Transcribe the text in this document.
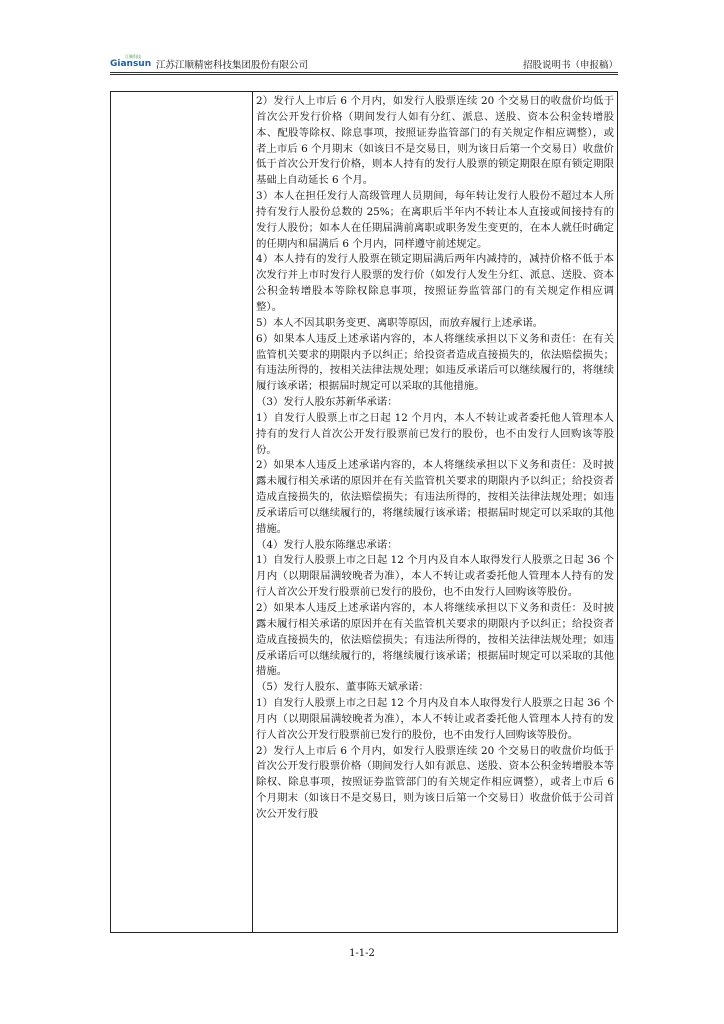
江顺科技
Giansun 江苏江顺精密科技集团股份有限公司	招股说明书（申报稿）

2）发行人上市后 6 个月内，如发行人股票连续 20 个交易日的收盘价均低于首次公开发行价格（期间发行人如有分红、派息、送股、资本公积金转增股本、配股等除权、除息事项，按照证券监管部门的有关规定作相应调整），或者上市后 6 个月期末（如该日不是交易日，则为该日后第一个交易日）收盘价低于首次公开发行价格，则本人持有的发行人股票的锁定期限在原有锁定期限基础上自动延长 6 个月。

3）本人在担任发行人高级管理人员期间，每年转让发行人股份不超过本人所持有发行人股份总数的 25%；在离职后半年内不转让本人直接或间接持有的发行人股份；如本人在任期届满前离职或职务发生变更的，在本人就任时确定的任期内和届满后 6 个月内，同样遵守前述规定。

4）本人持有的发行人股票在锁定期届满后两年内减持的，减持价格不低于本次发行并上市时发行人股票的发行价（如发行人发生分红、派息、送股、资本公积金转增股本等除权除息事项，按照证券监管部门的有关规定作相应调整）。

5）本人不因其职务变更、离职等原因，而放弃履行上述承诺。

6）如果本人违反上述承诺内容的，本人将继续承担以下义务和责任：在有关监管机关要求的期限内予以纠正；给投资者造成直接损失的，依法赔偿损失；有违法所得的，按相关法律法规处理；如违反承诺后可以继续履行的，将继续履行该承诺；根据届时规定可以采取的其他措施。

（3）发行人股东苏新华承诺：

1）自发行人股票上市之日起 12 个月内，本人不转让或者委托他人管理本人持有的发行人首次公开发行股票前已发行的股份，也不由发行人回购该等股份。

2）如果本人违反上述承诺内容的，本人将继续承担以下义务和责任：及时披露未履行相关承诺的原因并在有关监管机关要求的期限内予以纠正；给投资者造成直接损失的，依法赔偿损失；有违法所得的，按相关法律法规处理；如违反承诺后可以继续履行的，将继续履行该承诺；根据届时规定可以采取的其他措施。

（4）发行人股东陈继忠承诺：

1）自发行人股票上市之日起 12 个月内及自本人取得发行人股票之日起 36 个月内（以期限届满较晚者为准），本人不转让或者委托他人管理本人持有的发行人首次公开发行股票前已发行的股份，也不由发行人回购该等股份。

2）如果本人违反上述承诺内容的，本人将继续承担以下义务和责任：及时披露未履行相关承诺的原因并在有关监管机关要求的期限内予以纠正；给投资者造成直接损失的，依法赔偿损失；有违法所得的，按相关法律法规处理；如违反承诺后可以继续履行的，将继续履行该承诺；根据届时规定可以采取的其他措施。

（5）发行人股东、董事陈天斌承诺：

1）自发行人股票上市之日起 12 个月内及自本人取得发行人股票之日起 36 个月内（以期限届满较晚者为准），本人不转让或者委托他人管理本人持有的发行人首次公开发行股票前已发行的股份，也不由发行人回购该等股份。

2）发行人上市后 6 个月内，如发行人股票连续 20 个交易日的收盘价均低于首次公开发行股票价格（期间发行人如有派息、送股、资本公积金转增股本等除权、除息事项，按照证券监管部门的有关规定作相应调整），或者上市后 6 个月期末（如该日不是交易日，则为该日后第一个交易日）收盘价低于公司首次公开发行股

1-1-2
